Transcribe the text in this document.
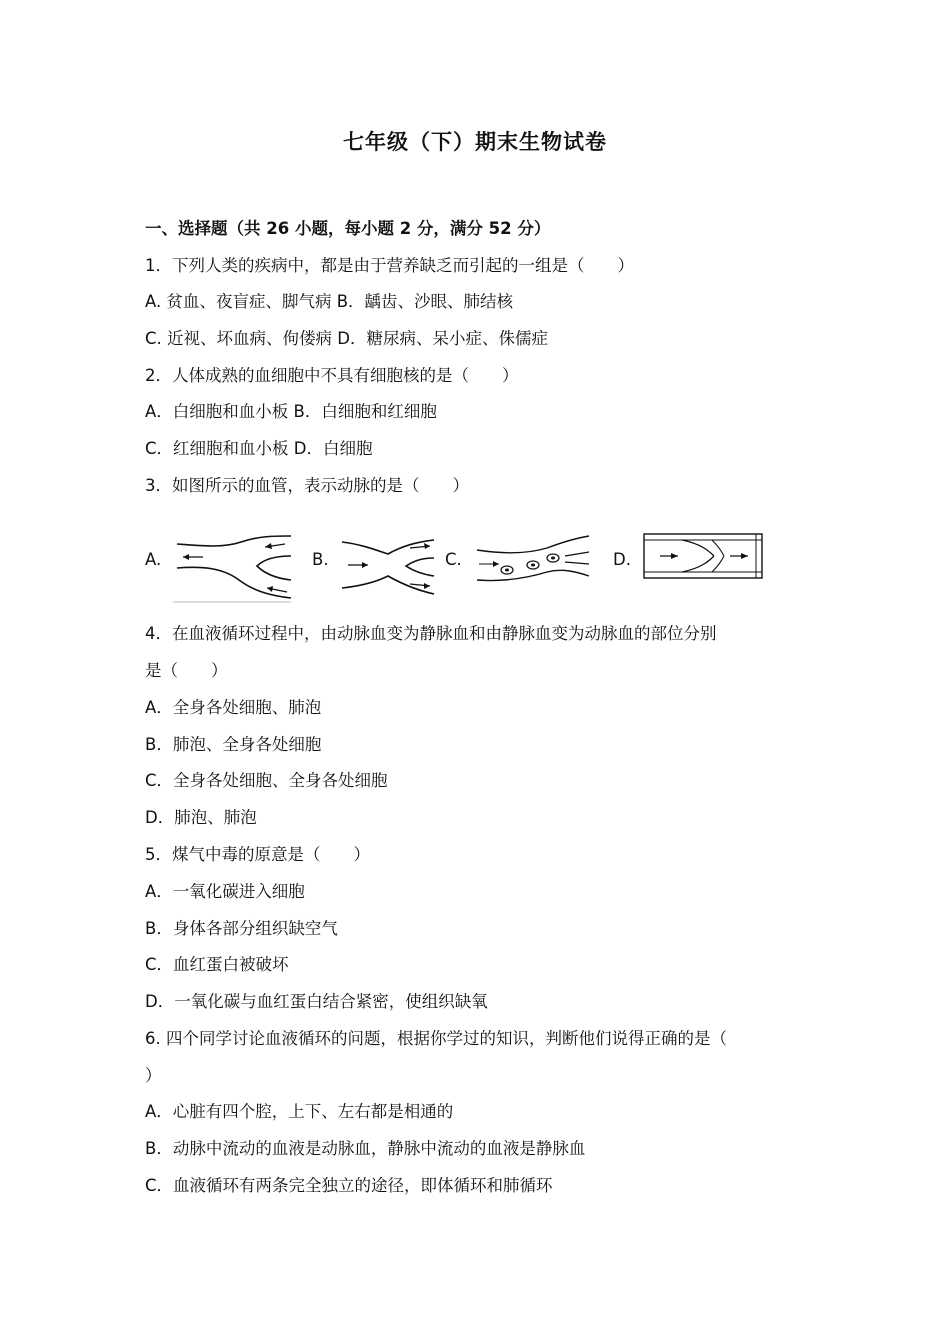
七年级（下）期末生物试卷
一、选择题（共 26 小题，每小题 2 分，满分 52 分）
1．下列人类的疾病中，都是由于营养缺乏而引起的一组是（　　）
A. 贫血、夜盲症、脚气病 B．龋齿、沙眼、肺结核
C. 近视、坏血病、佝偻病 D．糖尿病、呆小症、侏儒症
2．人体成熟的血细胞中不具有细胞核的是（　　）
A．白细胞和血小板 B．白细胞和红细胞
C．红细胞和血小板 D．白细胞
3．如图所示的血管，表示动脉的是（　　）
A.	B.	C.	D.
4．在血液循环过程中，由动脉血变为静脉血和由静脉血变为动脉血的部位分别
是（　　）
A．全身各处细胞、肺泡
B．肺泡、全身各处细胞
C．全身各处细胞、全身各处细胞
D．肺泡、肺泡
5．煤气中毒的原意是（　　）
A．一氧化碳进入细胞
B．身体各部分组织缺空气
C．血红蛋白被破坏
D．一氧化碳与血红蛋白结合紧密，使组织缺氧
6. 四个同学讨论血液循环的问题，根据你学过的知识，判断他们说得正确的是（
）
A．心脏有四个腔，上下、左右都是相通的
B．动脉中流动的血液是动脉血，静脉中流动的血液是静脉血
C．血液循环有两条完全独立的途径，即体循环和肺循环
